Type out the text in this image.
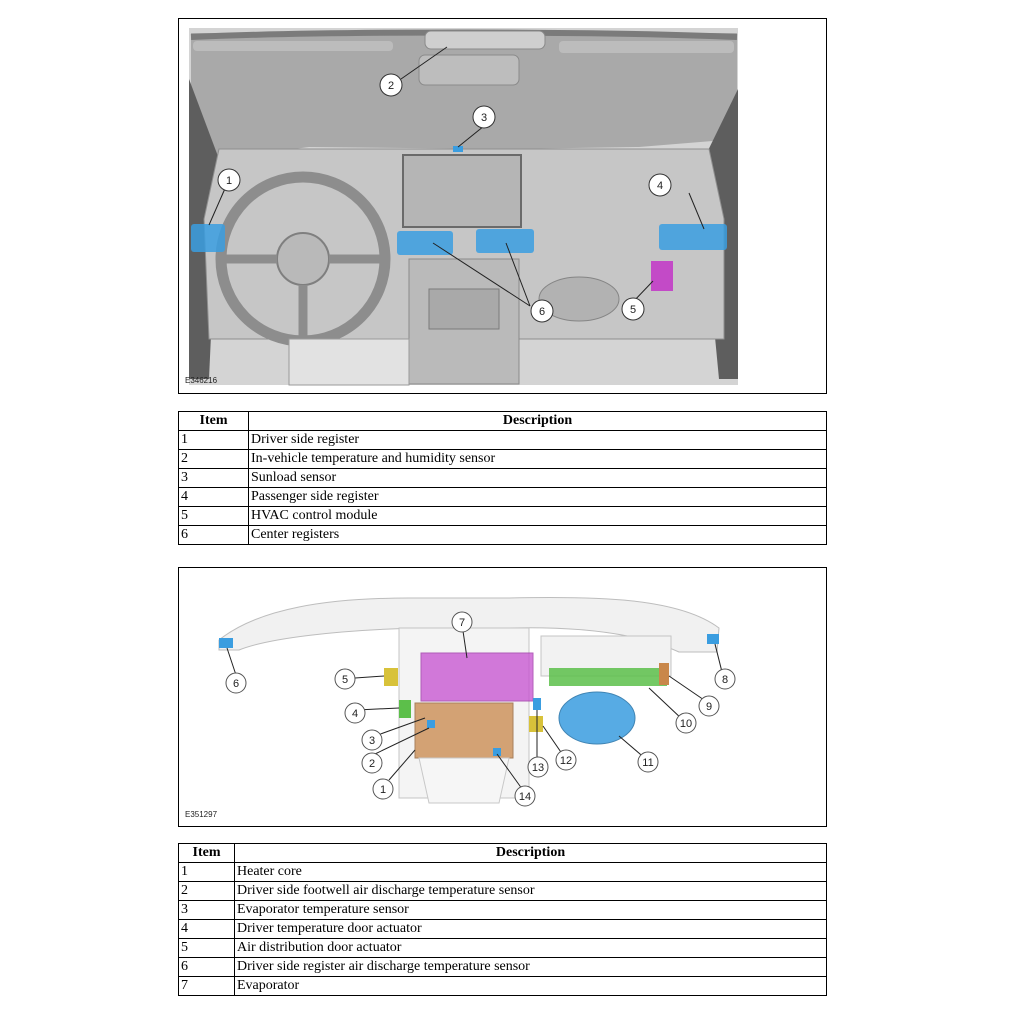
1
2
3
4
5
6
E346216
Item	Description
1	Driver side register
2	In-vehicle temperature and humidity sensor
3	Sunload sensor
4	Passenger side register
5	HVAC control module
6	Center registers
1
2
3
4
5
6
7
8
9
10
11
12
13
14
E351297
Item	Description
1	Heater core
2	Driver side footwell air discharge temperature sensor
3	Evaporator temperature sensor
4	Driver temperature door actuator
5	Air distribution door actuator
6	Driver side register air discharge temperature sensor
7	Evaporator
